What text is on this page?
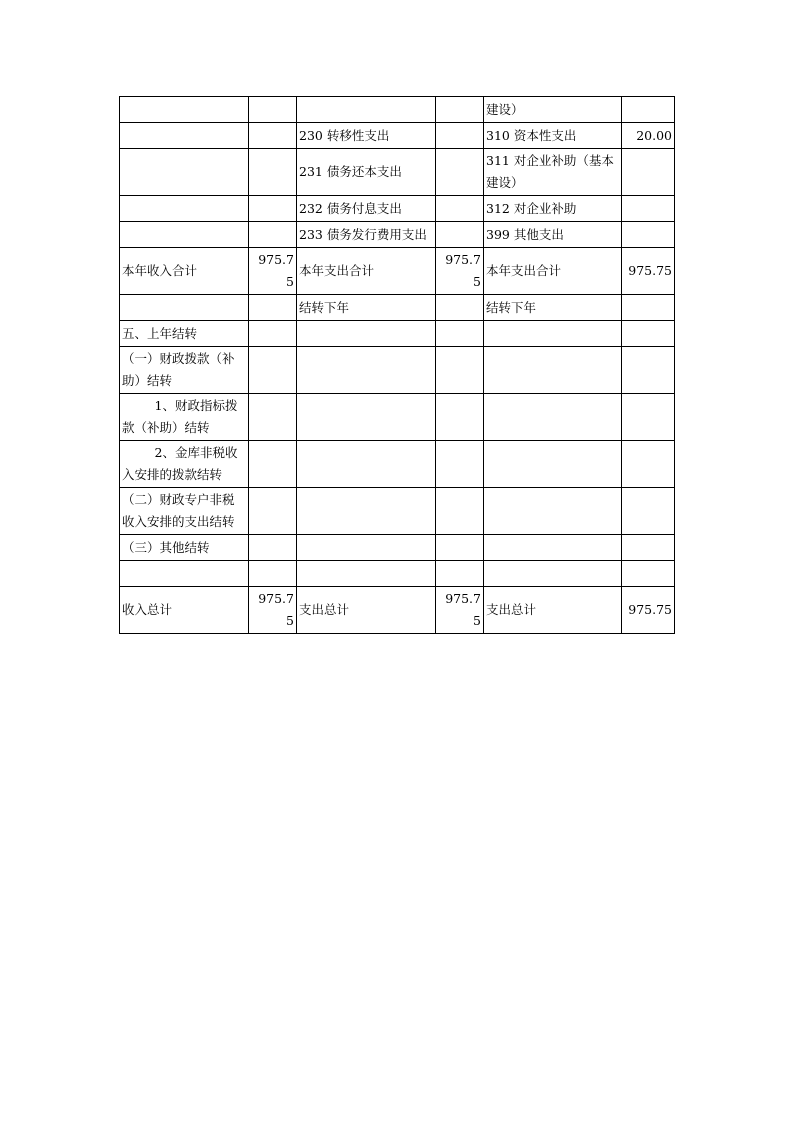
				建设）	
		230 转移性支出		310 资本性支出	20.00
		231 债务还本支出		311 对企业补助（基本建设）	
		232 债务付息支出		312 对企业补助	
		233 债务发行费用支出		399 其他支出	
本年收入合计	975.75	本年支出合计	975.75	本年支出合计	975.75
		结转下年		结转下年	
五、上年结转					
（一）财政拨款（补助）结转					
1、财政指标拨款（补助）结转					
2、金库非税收入安排的拨款结转					
（二）财政专户非税收入安排的支出结转					
（三）其他结转					

收入总计	975.75	支出总计	975.75	支出总计	975.75
